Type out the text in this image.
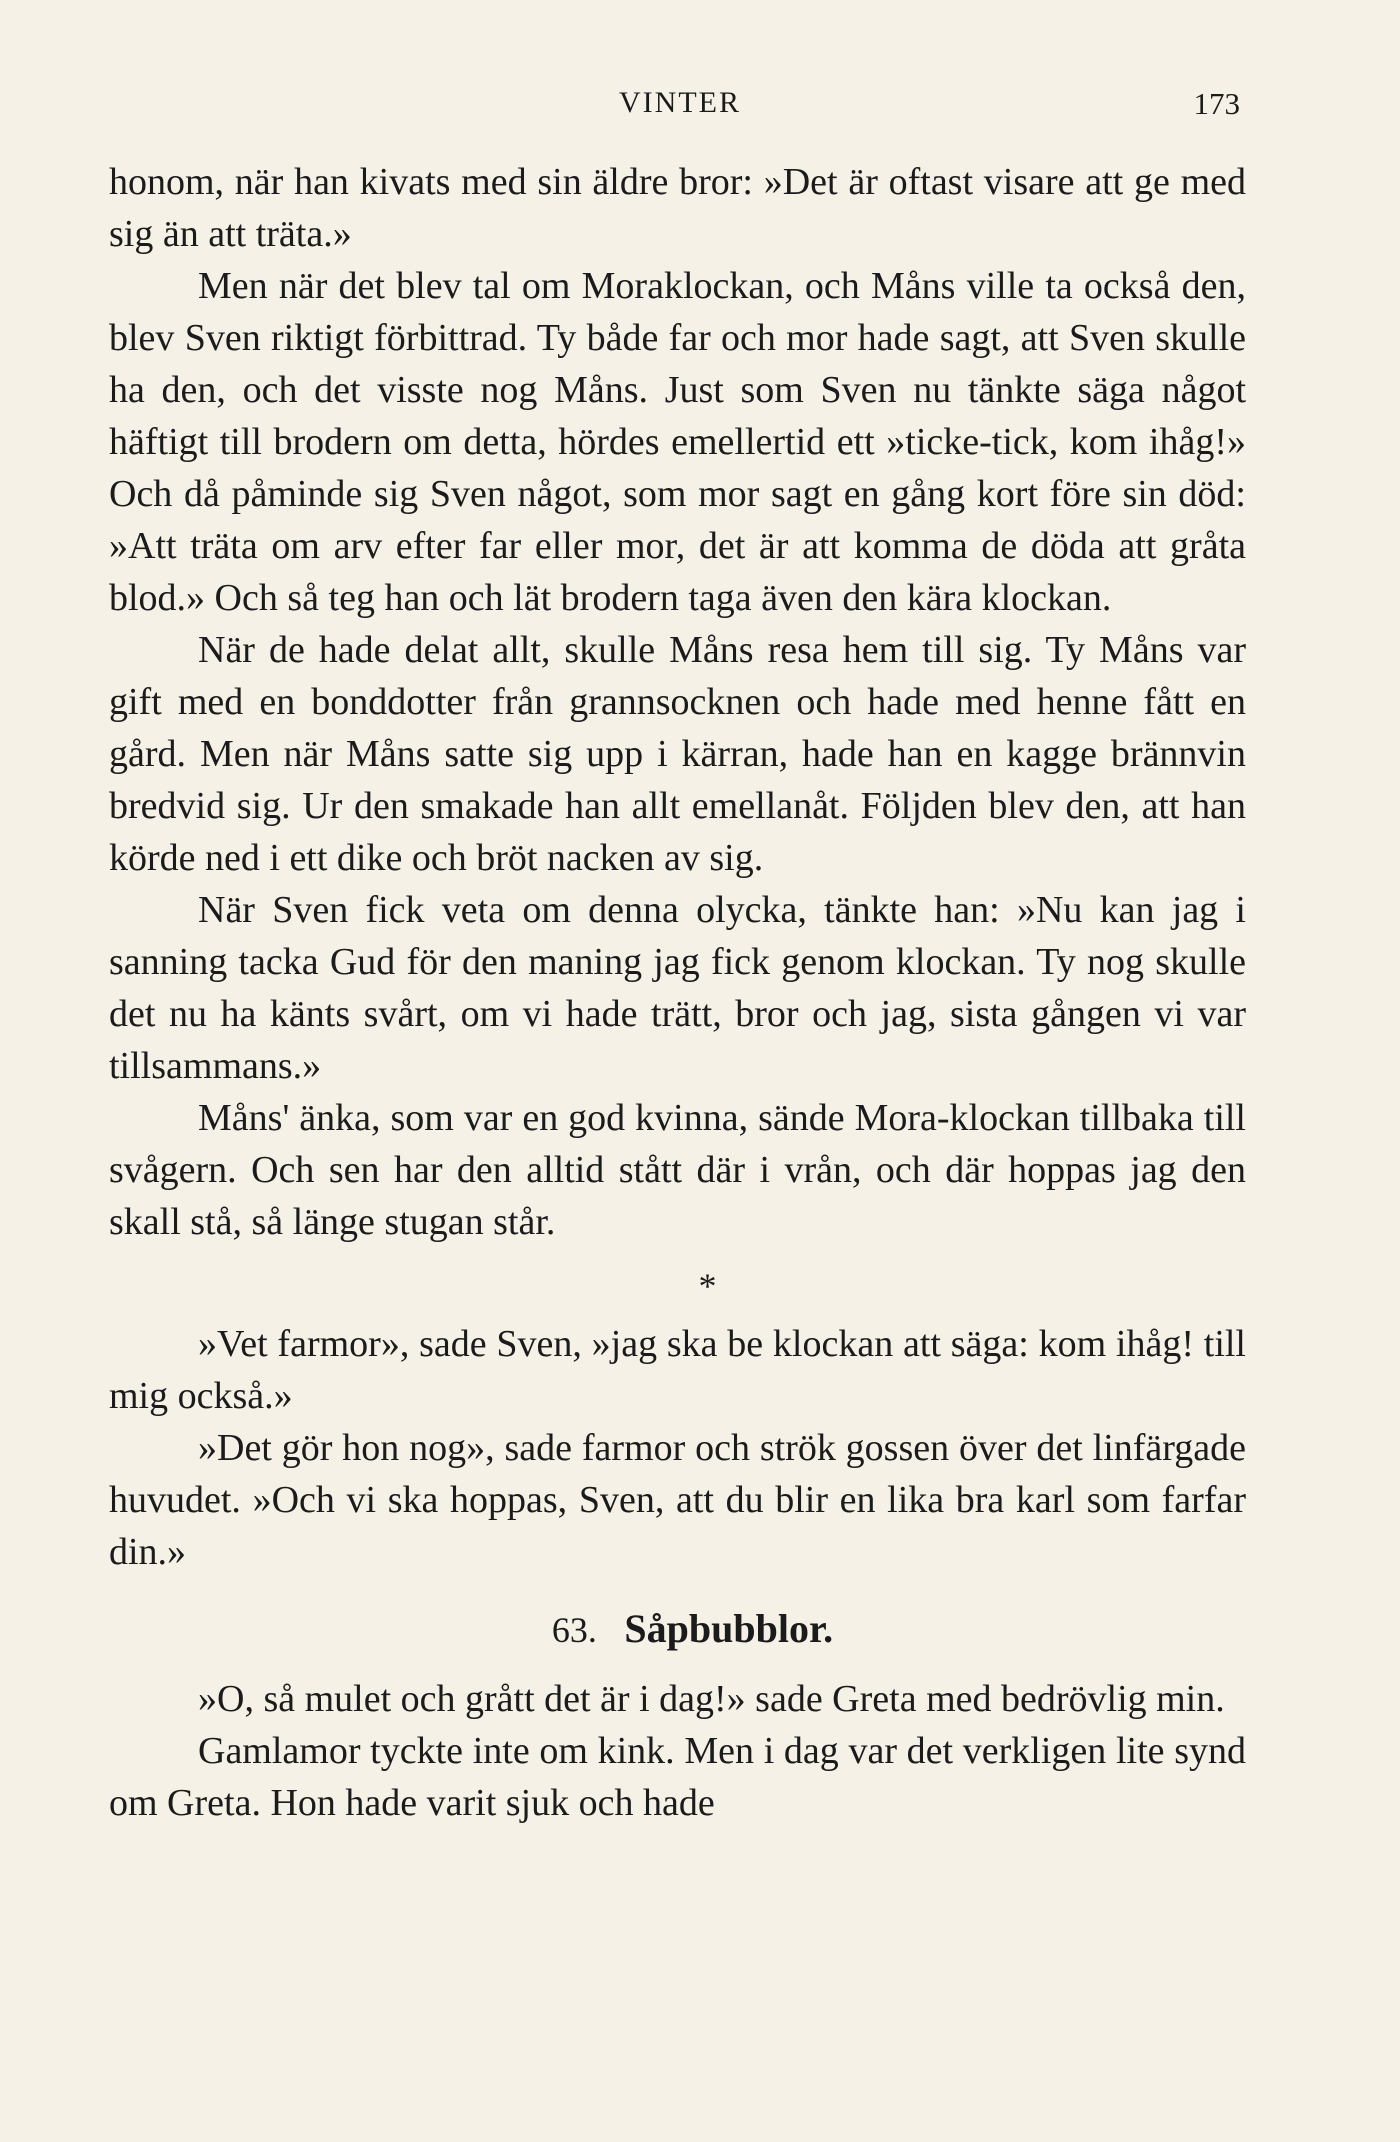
VINTER	173

honom, när han kivats med sin äldre bror: »Det är oftast visare att ge med sig än att träta.»

Men när det blev tal om Moraklockan, och Måns ville ta också den, blev Sven riktigt förbittrad. Ty både far och mor hade sagt, att Sven skulle ha den, och det visste nog Måns. Just som Sven nu tänkte säga något häftigt till brodern om detta, hördes emellertid ett »ticke-tick, kom ihåg!» Och då påminde sig Sven något, som mor sagt en gång kort före sin död: »Att träta om arv efter far eller mor, det är att komma de döda att gråta blod.» Och så teg han och lät brodern taga även den kära klockan.

När de hade delat allt, skulle Måns resa hem till sig. Ty Måns var gift med en bonddotter från grannsocknen och hade med henne fått en gård. Men när Måns satte sig upp i kärran, hade han en kagge brännvin bredvid sig. Ur den smakade han allt emellanåt. Följden blev den, att han körde ned i ett dike och bröt nacken av sig.

När Sven fick veta om denna olycka, tänkte han: »Nu kan jag i sanning tacka Gud för den maning jag fick genom klockan. Ty nog skulle det nu ha känts svårt, om vi hade trätt, bror och jag, sista gången vi var tillsammans.»

Måns' änka, som var en god kvinna, sände Mora-klockan tillbaka till svågern. Och sen har den alltid stått där i vrån, och där hoppas jag den skall stå, så länge stugan står.

*

»Vet farmor», sade Sven, »jag ska be klockan att säga: kom ihåg! till mig också.»

»Det gör hon nog», sade farmor och strök gossen över det linfärgade huvudet. »Och vi ska hoppas, Sven, att du blir en lika bra karl som farfar din.»

63. Såpbubblor.

»O, så mulet och grått det är i dag!» sade Greta med bedrövlig min.

Gamlamor tyckte inte om kink. Men i dag var det verkligen lite synd om Greta. Hon hade varit sjuk och hade
